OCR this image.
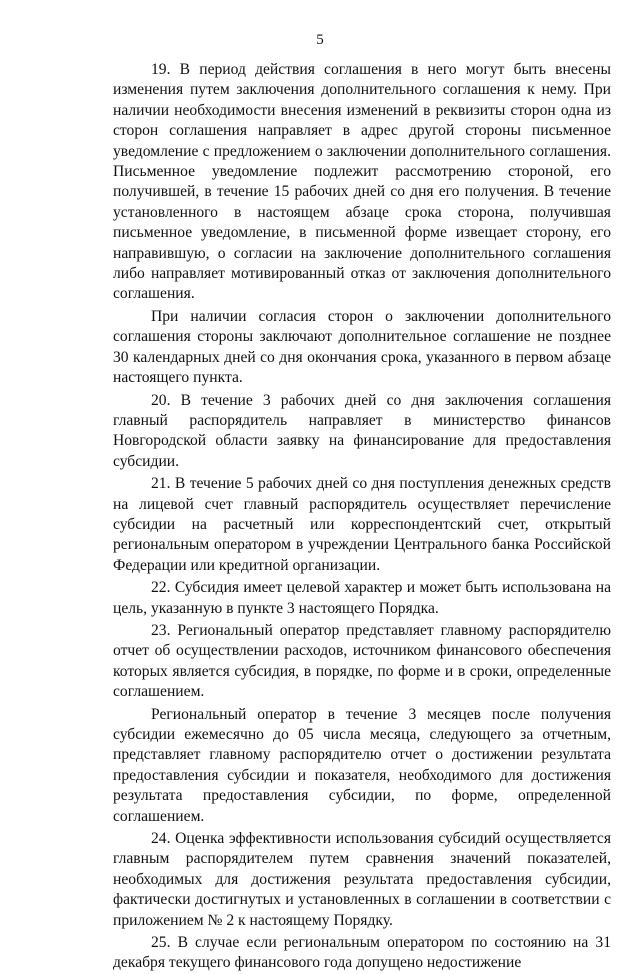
5

19. В период действия соглашения в него могут быть внесены изменения путем заключения дополнительного соглашения к нему. При наличии необходимости внесения изменений в реквизиты сторон одна из сторон соглашения направляет в адрес другой стороны письменное уведомление с предложением о заключении дополнительного соглашения. Письменное уведомление подлежит рассмотрению стороной, его получившей, в течение 15 рабочих дней со дня его получения. В течение установленного в настоящем абзаце срока сторона, получившая письменное уведомление, в письменной форме извещает сторону, его направившую, о согласии на заключение дополнительного соглашения либо направляет мотивированный отказ от заключения дополнительного соглашения.

При наличии согласия сторон о заключении дополнительного соглашения стороны заключают дополнительное соглашение не позднее 30 календарных дней со дня окончания срока, указанного в первом абзаце настоящего пункта.

20. В течение 3 рабочих дней со дня заключения соглашения главный распорядитель направляет в министерство финансов Новгородской области заявку на финансирование для предоставления субсидии.

21. В течение 5 рабочих дней со дня поступления денежных средств на лицевой счет главный распорядитель осуществляет перечисление субсидии на расчетный или корреспондентский счет, открытый региональным оператором в учреждении Центрального банка Российской Федерации или кредитной организации.

22. Субсидия имеет целевой характер и может быть использована на цель, указанную в пункте 3 настоящего Порядка.

23. Региональный оператор представляет главному распорядителю отчет об осуществлении расходов, источником финансового обеспечения которых является субсидия, в порядке, по форме и в сроки, определенные соглашением.

Региональный оператор в течение 3 месяцев после получения субсидии ежемесячно до 05 числа месяца, следующего за отчетным, представляет главному распорядителю отчет о достижении результата предоставления субсидии и показателя, необходимого для достижения результата предоставления субсидии, по форме, определенной соглашением.

24. Оценка эффективности использования субсидий осуществляется главным распорядителем путем сравнения значений показателей, необходимых для достижения результата предоставления субсидии, фактически достигнутых и установленных в соглашении в соответствии с приложением № 2 к настоящему Порядку.

25. В случае если региональным оператором по состоянию на 31 декабря текущего финансового года допущено недостижение
